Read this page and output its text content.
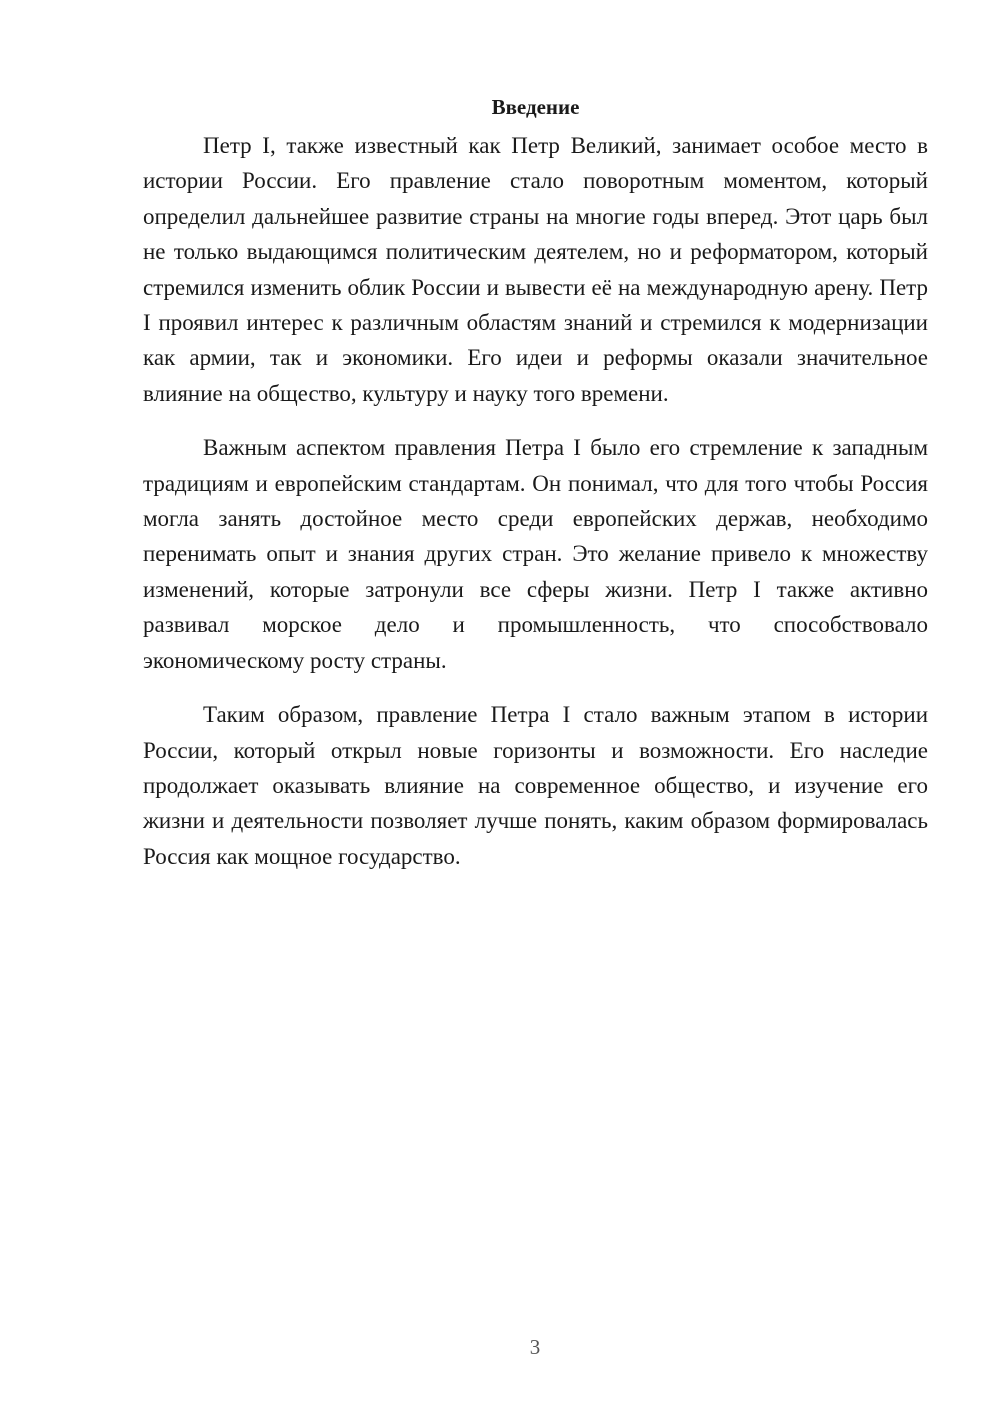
Введение

Петр I, также известный как Петр Великий, занимает особое место в истории России. Его правление стало поворотным моментом, который определил дальнейшее развитие страны на многие годы вперед. Этот царь был не только выдающимся политическим деятелем, но и реформатором, который стремился изменить облик России и вывести её на международную арену. Петр I проявил интерес к различным областям знаний и стремился к модернизации как армии, так и экономики. Его идеи и реформы оказали значительное влияние на общество, культуру и науку того времени.

Важным аспектом правления Петра I было его стремление к западным традициям и европейским стандартам. Он понимал, что для того чтобы Россия могла занять достойное место среди европейских держав, необходимо перенимать опыт и знания других стран. Это желание привело к множеству изменений, которые затронули все сферы жизни. Петр I также активно развивал морское дело и промышленность, что способствовало экономическому росту страны.

Таким образом, правление Петра I стало важным этапом в истории России, который открыл новые горизонты и возможности. Его наследие продолжает оказывать влияние на современное общество, и изучение его жизни и деятельности позволяет лучше понять, каким образом формировалась Россия как мощное государство.

3
